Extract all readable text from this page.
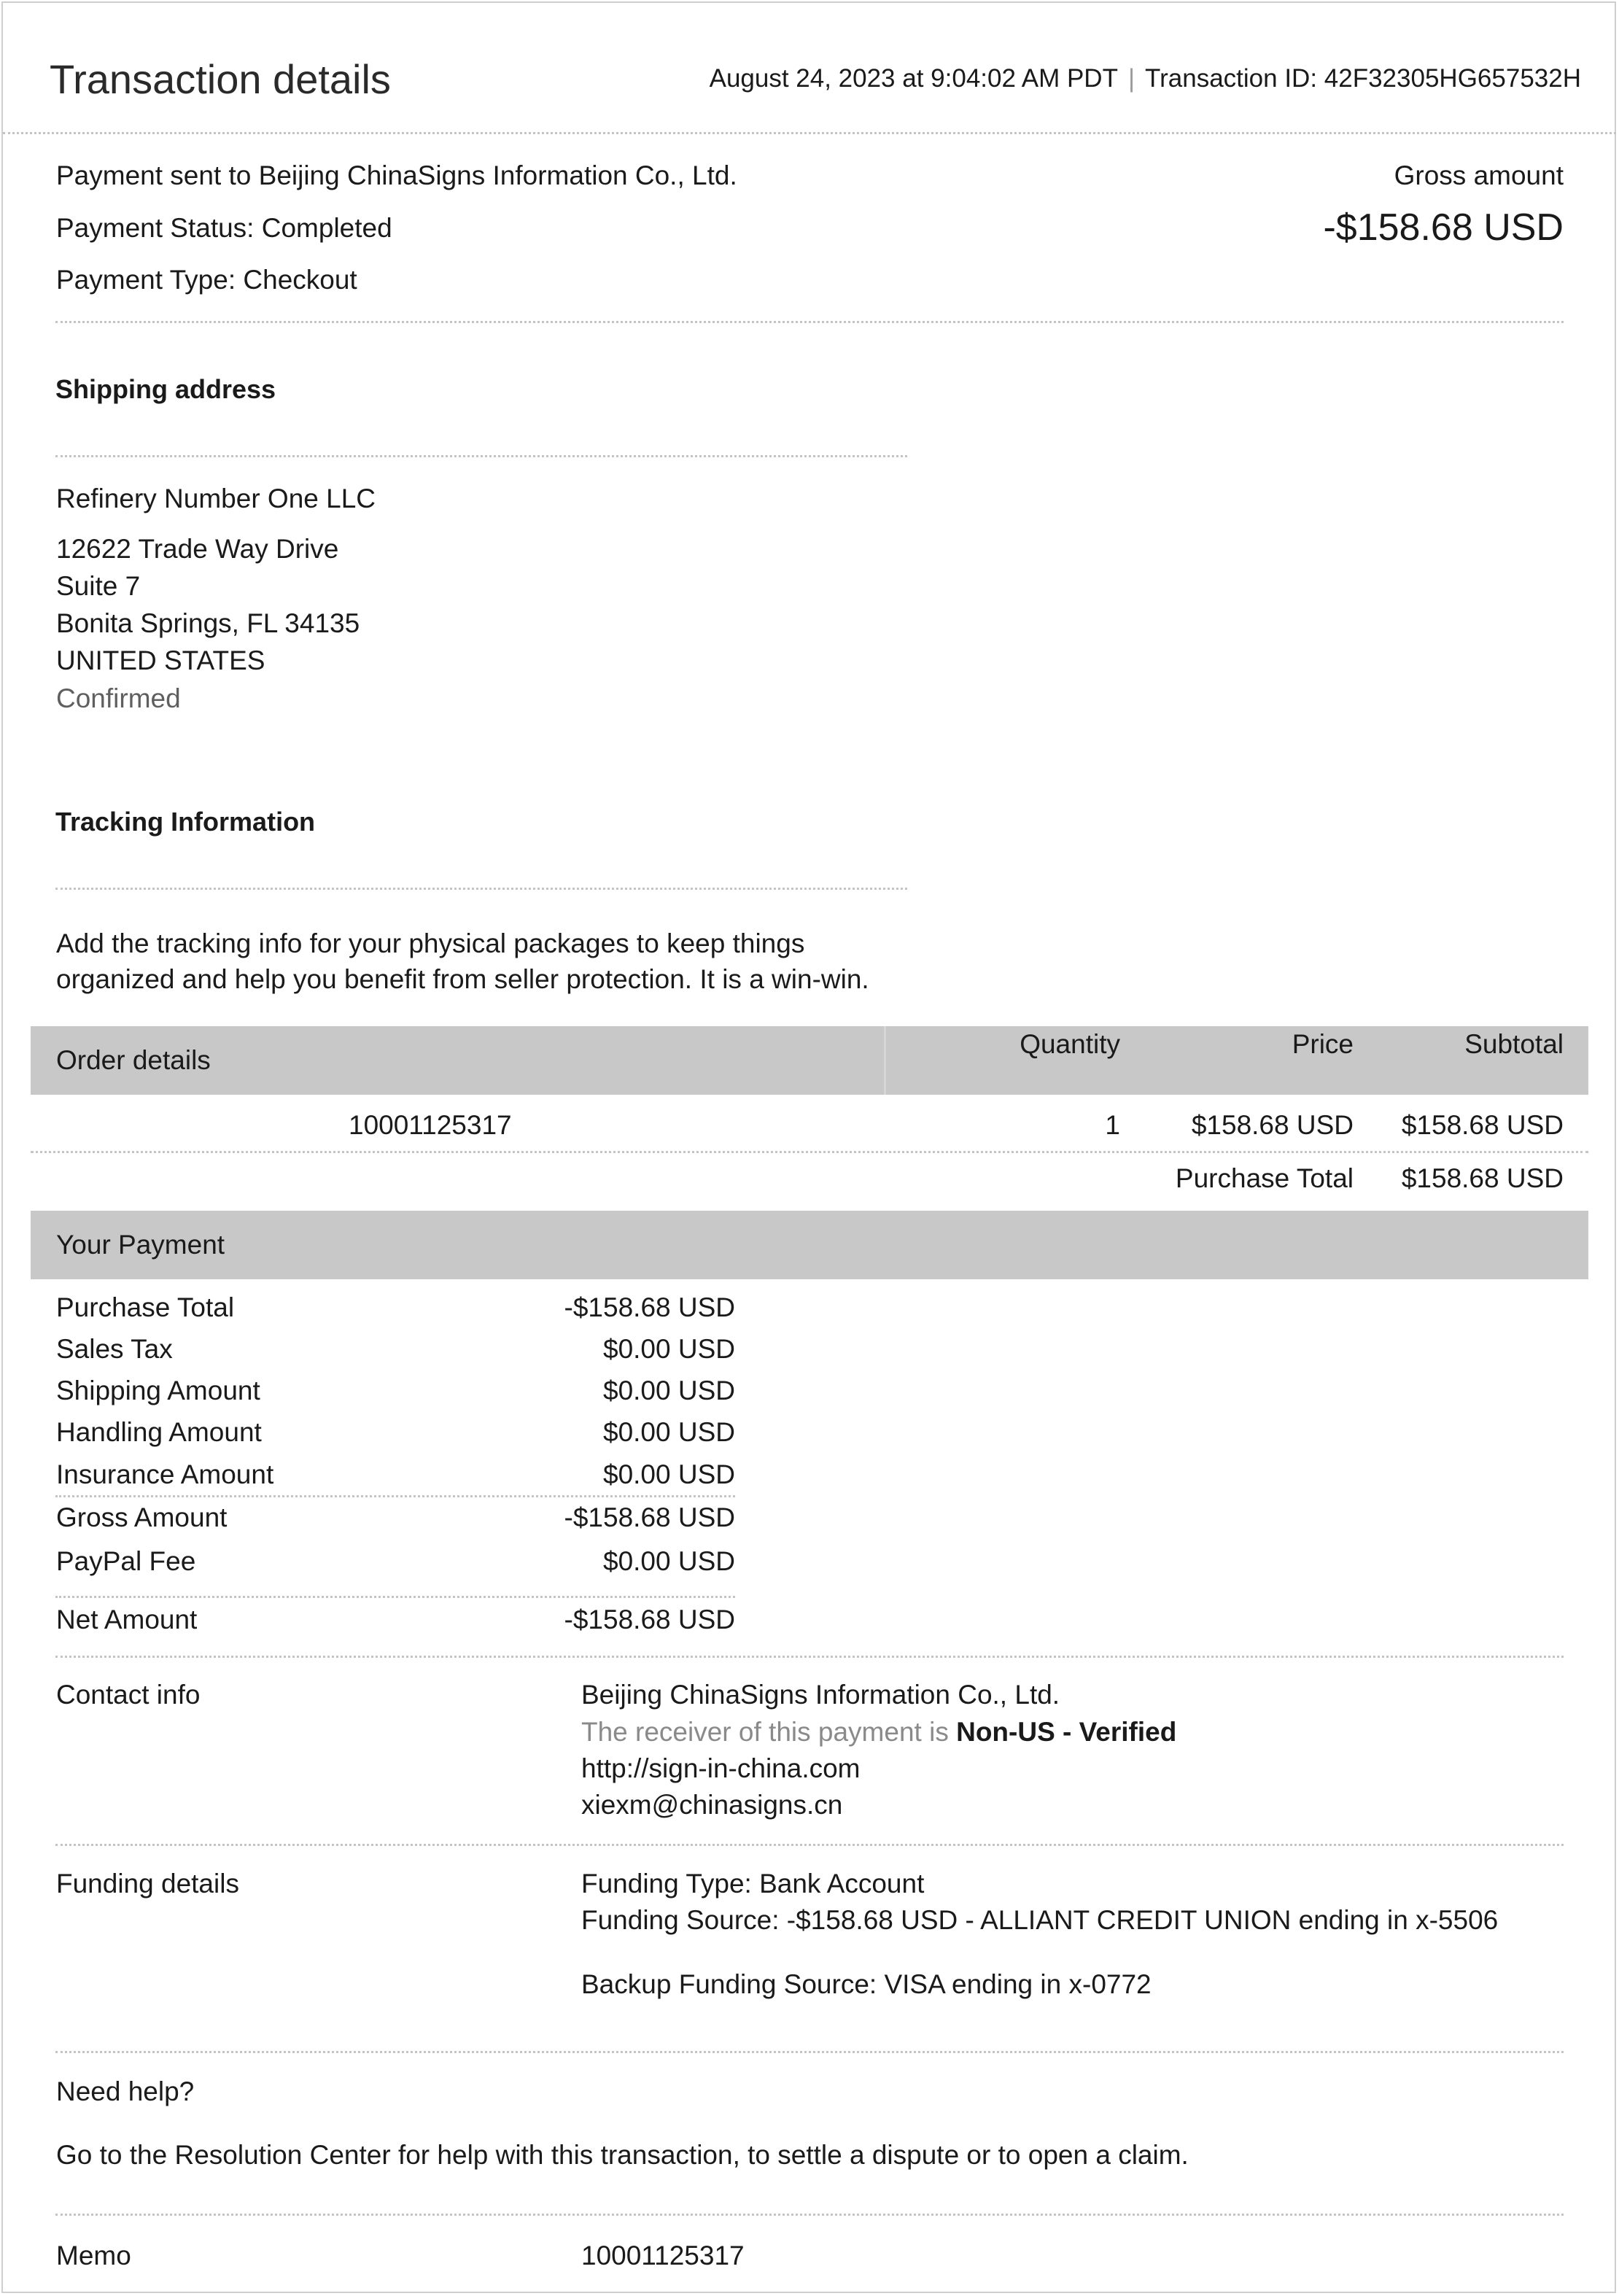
Transaction details	August 24, 2023 at 9:04:02 AM PDT | Transaction ID: 42F32305HG657532H
Payment sent to Beijing ChinaSigns Information Co., Ltd.
Payment Status: Completed
Payment Type: Checkout
Gross amount
-$158.68 USD
Shipping address
Refinery Number One LLC
12622 Trade Way Drive
Suite 7
Bonita Springs, FL 34135
UNITED STATES
Confirmed
Tracking Information
Add the tracking info for your physical packages to keep things
organized and help you benefit from seller protection. It is a win-win.
Order details
Quantity	Price	Subtotal
10001125317	1	$158.68 USD $158.68 USD
Purchase Total $158.68 USD
Your Payment
Purchase Total	-$158.68 USD
Sales Tax	$0.00 USD
Shipping Amount	$0.00 USD
Handling Amount	$0.00 USD
Insurance Amount	$0.00 USD
Gross Amount	-$158.68 USD
PayPal Fee	$0.00 USD
Net Amount	-$158.68 USD
Contact info	Beijing ChinaSigns Information Co., Ltd.
The receiver of this payment is Non-US - Verified
http://sign-in-china.com
xiexm@chinasigns.cn
Funding details	Funding Type: Bank Account
Funding Source: -$158.68 USD - ALLIANT CREDIT UNION ending in x-5506
Backup Funding Source: VISA ending in x-0772
Need help?
Go to the Resolution Center for help with this transaction, to settle a dispute or to open a claim.
Memo	10001125317
